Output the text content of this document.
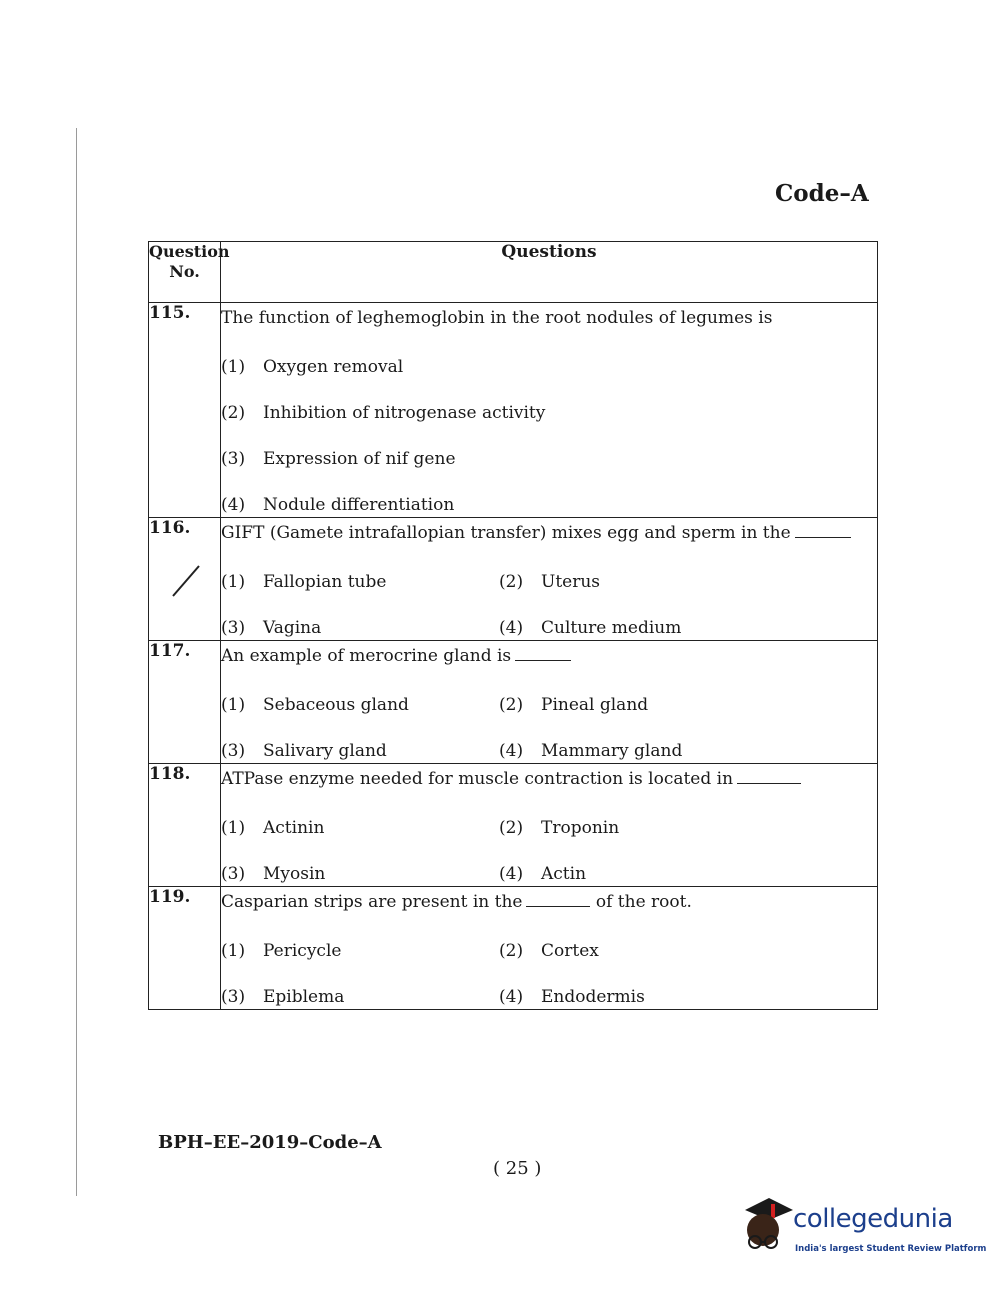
Code–A
Question No.	Questions
115.	The function of leghemoglobin in the root nodules of legumes is
(1) Oxygen removal
(2) Inhibition of nitrogenase activity
(3) Expression of nif gene
(4) Nodule differentiation

116.	GIFT (Gamete intrafallopian transfer) mixes egg and sperm in the
(1) Fallopian tube (2) Uterus
(3) Vagina (4) Culture medium

117.	An example of merocrine gland is
(1) Sebaceous gland (2) Pineal gland
(3) Salivary gland (4) Mammary gland

118.	ATPase enzyme needed for muscle contraction is located in
(1) Actinin (2) Troponin
(3) Myosin (4) Actin

119.	Casparian strips are present in the of the root.
(1) Pericycle (2) Cortex
(3) Epiblema (4) Endodermis
BPH–EE–2019–Code–A
( 25 )
collegedunia
India's largest Student Review Platform
